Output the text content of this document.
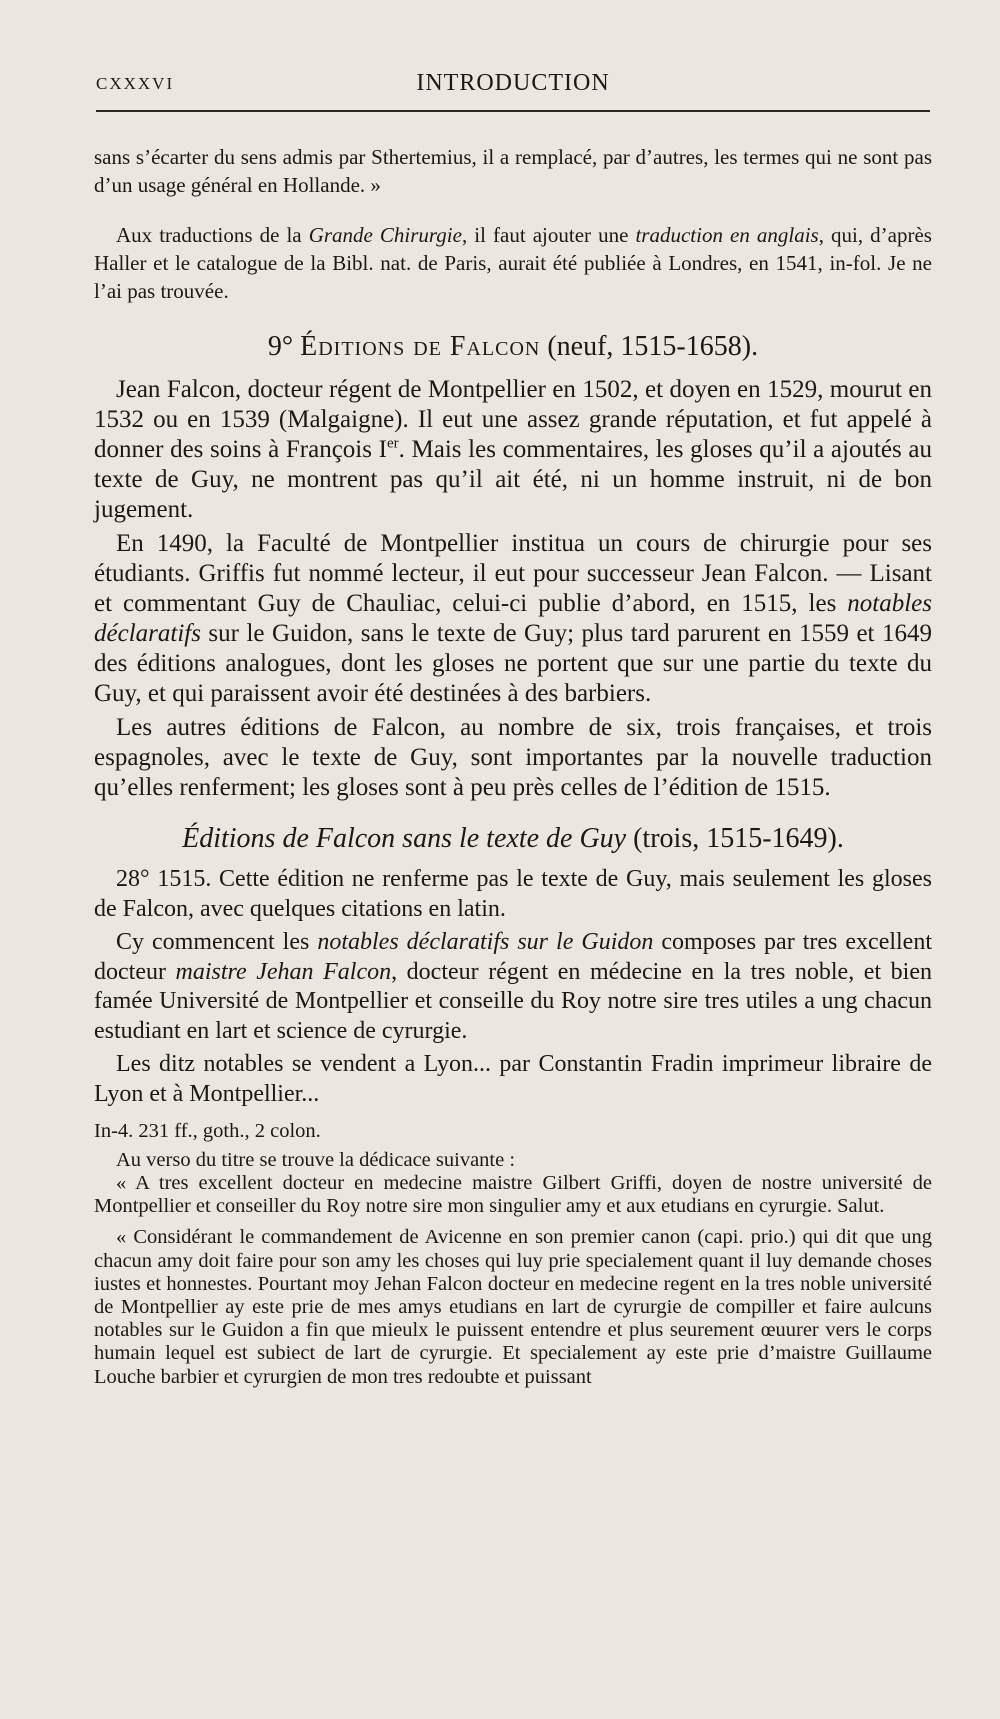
CXXXVI	INTRODUCTION

sans s’écarter du sens admis par Sthertemius, il a remplacé, par d’autres, les termes qui ne sont pas d’un usage général en Hollande. »

Aux traductions de la Grande Chirurgie, il faut ajouter une traduction en anglais, qui, d’après Haller et le catalogue de la Bibl. nat. de Paris, aurait été publiée à Londres, en 1541, in-fol. Je ne l’ai pas trouvée.

9° Éditions de Falcon (neuf, 1515-1658).

Jean Falcon, docteur régent de Montpellier en 1502, et doyen en 1529, mourut en 1532 ou en 1539 (Malgaigne). Il eut une assez grande réputation, et fut appelé à donner des soins à François Ier. Mais les commentaires, les gloses qu’il a ajoutés au texte de Guy, ne montrent pas qu’il ait été, ni un homme instruit, ni de bon jugement.

En 1490, la Faculté de Montpellier institua un cours de chirurgie pour ses étudiants. Griffis fut nommé lecteur, il eut pour successeur Jean Falcon. — Lisant et commentant Guy de Chauliac, celui-ci publie d’abord, en 1515, les notables déclaratifs sur le Guidon, sans le texte de Guy; plus tard parurent en 1559 et 1649 des éditions analogues, dont les gloses ne portent que sur une partie du texte du Guy, et qui paraissent avoir été destinées à des barbiers.

Les autres éditions de Falcon, au nombre de six, trois françaises, et trois espagnoles, avec le texte de Guy, sont importantes par la nouvelle traduction qu’elles renferment; les gloses sont à peu près celles de l’édition de 1515.

Éditions de Falcon sans le texte de Guy (trois, 1515-1649).

28° 1515. Cette édition ne renferme pas le texte de Guy, mais seulement les gloses de Falcon, avec quelques citations en latin.

Cy commencent les notables déclaratifs sur le Guidon composes par tres excellent docteur maistre Jehan Falcon, docteur régent en médecine en la tres noble, et bien famée Université de Montpellier et conseille du Roy notre sire tres utiles a ung chacun estudiant en lart et science de cyrurgie.

Les ditz notables se vendent a Lyon... par Constantin Fradin imprimeur libraire de Lyon et à Montpellier...

In-4. 231 ff., goth., 2 colon.

Au verso du titre se trouve la dédicace suivante :

« A tres excellent docteur en medecine maistre Gilbert Griffi, doyen de nostre université de Montpellier et conseiller du Roy notre sire mon singulier amy et aux etudians en cyrurgie. Salut.

« Considérant le commandement de Avicenne en son premier canon (capi. prio.) qui dit que ung chacun amy doit faire pour son amy les choses qui luy prie specialement quant il luy demande choses iustes et honnestes. Pourtant moy Jehan Falcon docteur en medecine regent en la tres noble université de Montpellier ay este prie de mes amys etudians en lart de cyrurgie de compiller et faire aulcuns notables sur le Guidon a fin que mieulx le puissent entendre et plus seurement œuurer vers le corps humain lequel est subiect de lart de cyrurgie. Et specialement ay este prie d’maistre Guillaume Louche barbier et cyrurgien de mon tres redoubte et puissant
